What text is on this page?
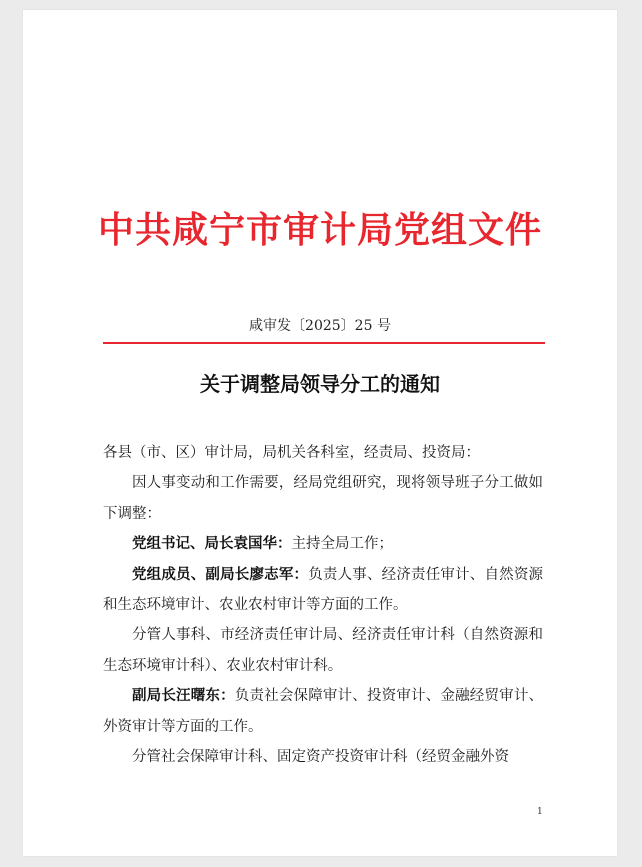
中共咸宁市审计局党组文件
咸审发〔2025〕25 号
关于调整局领导分工的通知

各县（市、区）审计局，局机关各科室，经责局、投资局：

因人事变动和工作需要，经局党组研究，现将领导班子分工做如下调整：

党组书记、局长袁国华：主持全局工作；

党组成员、副局长廖志军：负责人事、经济责任审计、自然资源和生态环境审计、农业农村审计等方面的工作。

分管人事科、市经济责任审计局、经济责任审计科（自然资源和生态环境审计科）、农业农村审计科。

副局长汪曙东：负责社会保障审计、投资审计、金融经贸审计、外资审计等方面的工作。

分管社会保障审计科、固定资产投资审计科（经贸金融外资

1
